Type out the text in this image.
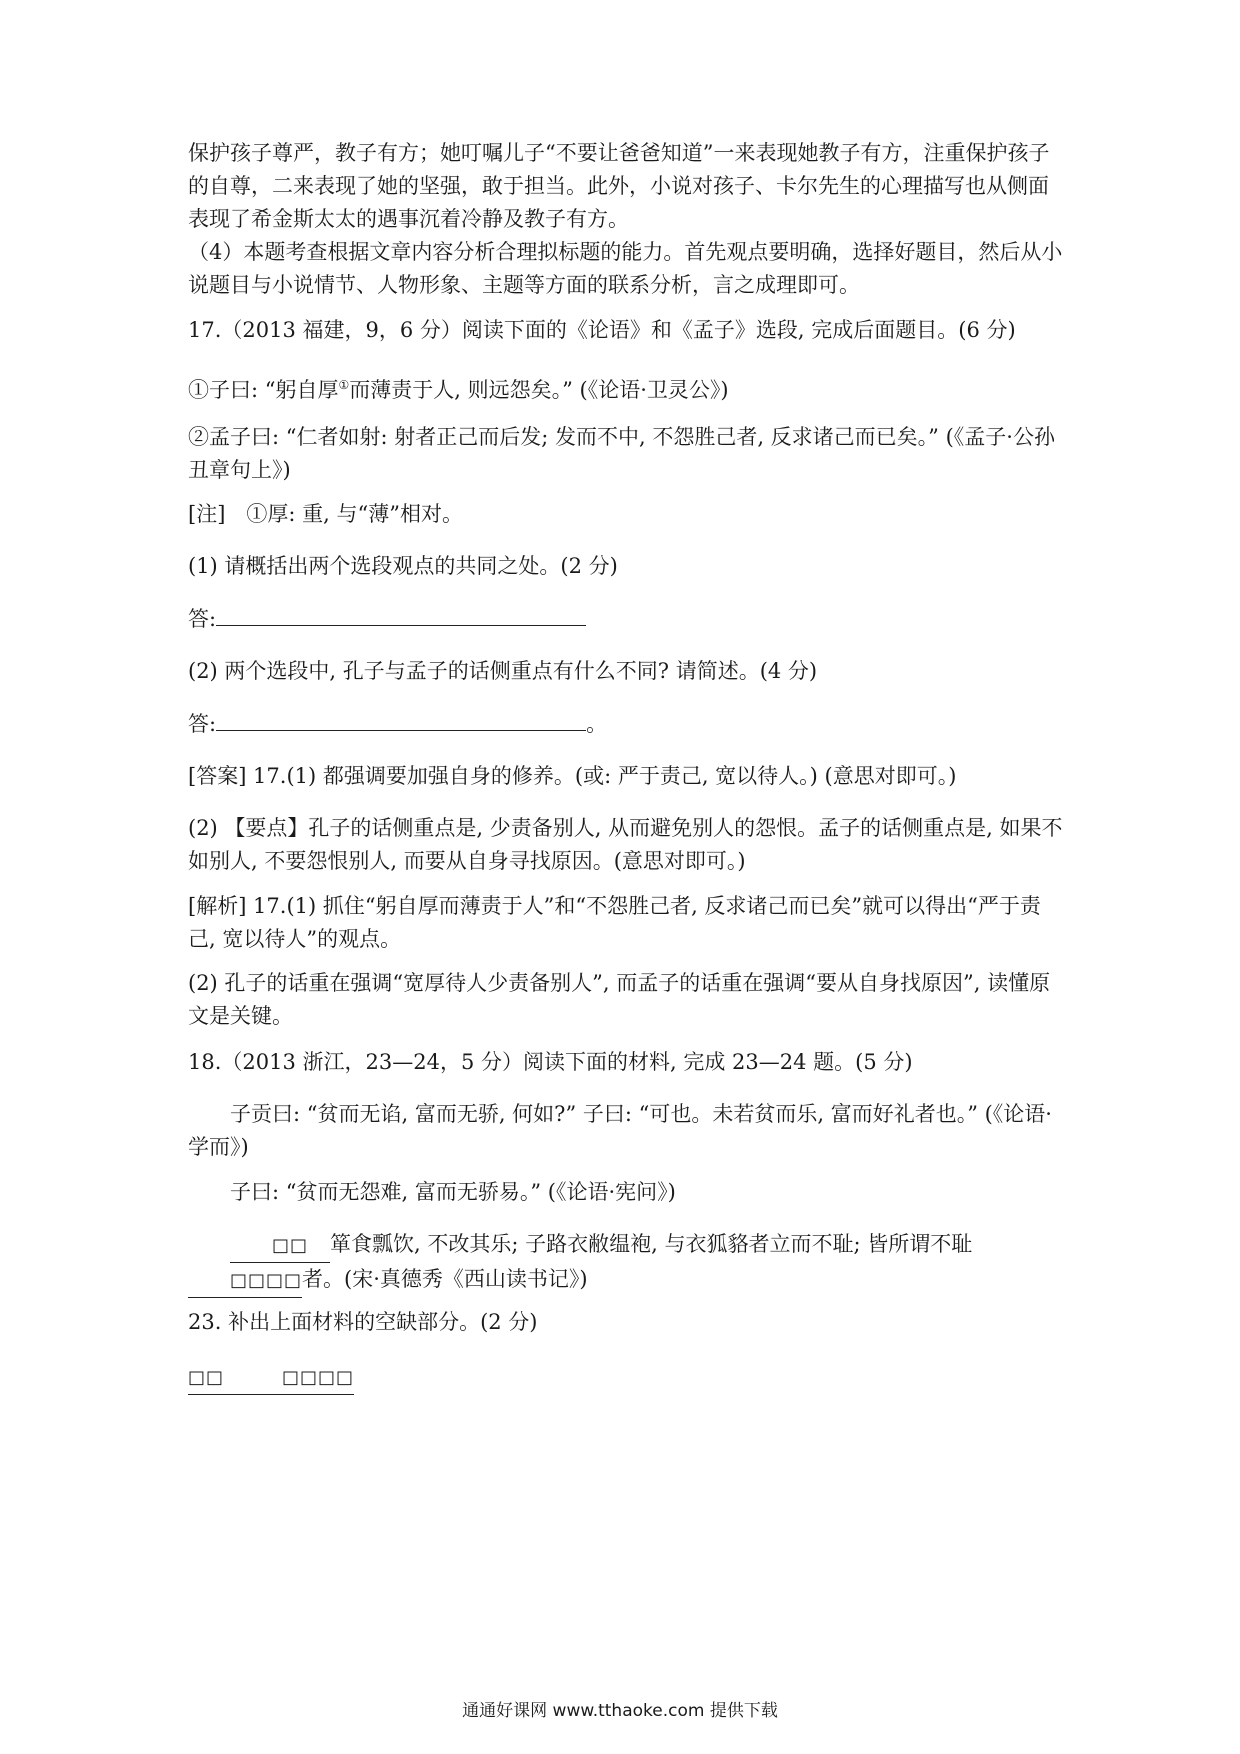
保护孩子尊严，教子有方；她叮嘱儿子“不要让爸爸知道”一来表现她教子有方，注重保护孩子的自尊，二来表现了她的坚强，敢于担当。此外，小说对孩子、卡尔先生的心理描写也从侧面表现了希金斯太太的遇事沉着冷静及教子有方。

（4）本题考查根据文章内容分析合理拟标题的能力。首先观点要明确，选择好题目，然后从小说题目与小说情节、人物形象、主题等方面的联系分析，言之成理即可。

17.（2013 福建，9，6 分）阅读下面的《论语》和《孟子》选段, 完成后面题目。(6 分)

①子曰: “躬自厚①而薄责于人, 则远怨矣。” (《论语·卫灵公》)

②孟子曰: “仁者如射: 射者正己而后发; 发而不中, 不怨胜己者, 反求诸己而已矣。” (《孟子·公孙丑章句上》)

[注]　①厚: 重, 与“薄”相对。

(1) 请概括出两个选段观点的共同之处。(2 分)

答:

(2) 两个选段中, 孔子与孟子的话侧重点有什么不同? 请简述。(4 分)

答:	。

[答案] 17.(1) 都强调要加强自身的修养。(或: 严于责己, 宽以待人。) (意思对即可。)

(2) 【要点】孔子的话侧重点是, 少责备别人, 从而避免别人的怨恨。孟子的话侧重点是, 如果不如别人, 不要怨恨别人, 而要从自身寻找原因。(意思对即可。)

[解析] 17.(1) 抓住“躬自厚而薄责于人”和“不怨胜己者, 反求诸己而已矣”就可以得出“严于责己, 宽以待人”的观点。

(2) 孔子的话重在强调“宽厚待人少责备别人”, 而孟子的话重在强调“要从自身找原因”, 读懂原文是关键。

18.（2013 浙江，23—24，5 分）阅读下面的材料, 完成 23—24 题。(5 分)

子贡曰: “贫而无谄, 富而无骄, 何如?” 子曰: “可也。未若贫而乐, 富而好礼者也。” (《论语·学而》)

子曰: “贫而无怨难, 富而无骄易。” (《论语·宪问》)

□□ 箪食瓢饮, 不改其乐; 子路衣敝缊袍, 与衣狐貉者立而不耻; 皆所谓不耻□□□□者。(宋·真德秀《西山读书记》)

23. 补出上面材料的空缺部分。(2 分)

□□	□□□□

通通好课网 www.tthaoke.com 提供下载
